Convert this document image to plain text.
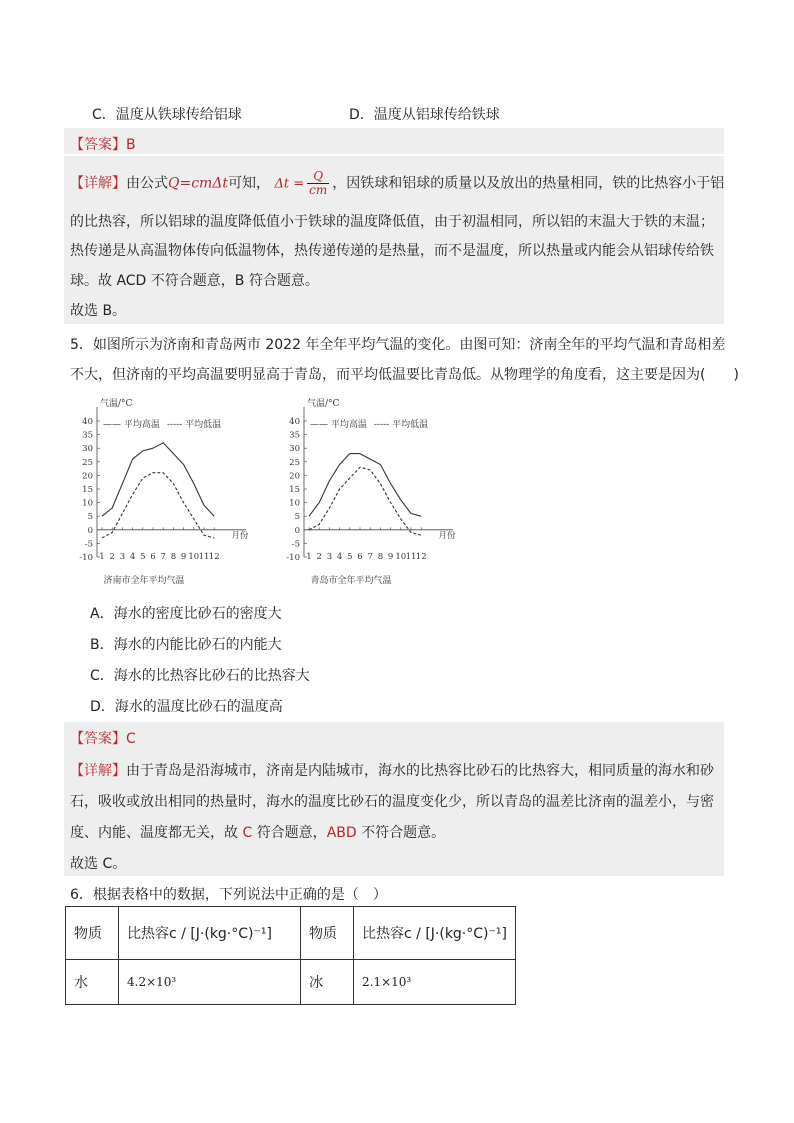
C．温度从铁球传给铝球	D．温度从铝球传给铁球
【答案】B
【详解】由公式Q=cmΔt可知， $\Delta t = \frac{Q}{cm}$ ，因铁球和铝球的质量以及放出的热量相同，铁的比热容小于铝
的比热容，所以铝球的温度降低值小于铁球的温度降低值，由于初温相同，所以铝的末温大于铁的末温；
热传递是从高温物体传向低温物体，热传递传递的是热量，而不是温度，所以热量或内能会从铝球传给铁
球。故 ACD 不符合题意，B 符合题意。
故选 B。
5．如图所示为济南和青岛两市 2022 年全年平均气温的变化。由图可知：济南全年的平均气温和青岛相差
不大，但济南的平均高温要明显高于青岛，而平均低温要比青岛低。从物理学的角度看，这主要是因为(　　)
气温/°C
-10
-5
0
5
10
15
20
25
30
35
40
1 2 3 4 5 6 7 8 9 10 11 12
月份
—— 平均高温 ----- 平均低温
济南市全年平均气温
气温/°C
-10
-5
0
5
10
15
20
25
30
35
40
1 2 3 4 5 6 7 8 9 10 11 12
月份
—— 平均高温 ----- 平均低温
青岛市全年平均气温
A．海水的密度比砂石的密度大
B．海水的内能比砂石的内能大
C．海水的比热容比砂石的比热容大
D．海水的温度比砂石的温度高
【答案】C
【详解】由于青岛是沿海城市，济南是内陆城市，海水的比热容比砂石的比热容大，相同质量的海水和砂
石，吸收或放出相同的热量时，海水的温度比砂石的温度变化少，所以青岛的温差比济南的温差小，与密
度、内能、温度都无关，故 C 符合题意，ABD 不符合题意。
故选 C。
6．根据表格中的数据，下列说法中正确的是（　）
物质	比热容c / [J·(kg·°C)⁻¹]	物质	比热容c / [J·(kg·°C)⁻¹]
水	4.2×10³	冰	2.1×10³
